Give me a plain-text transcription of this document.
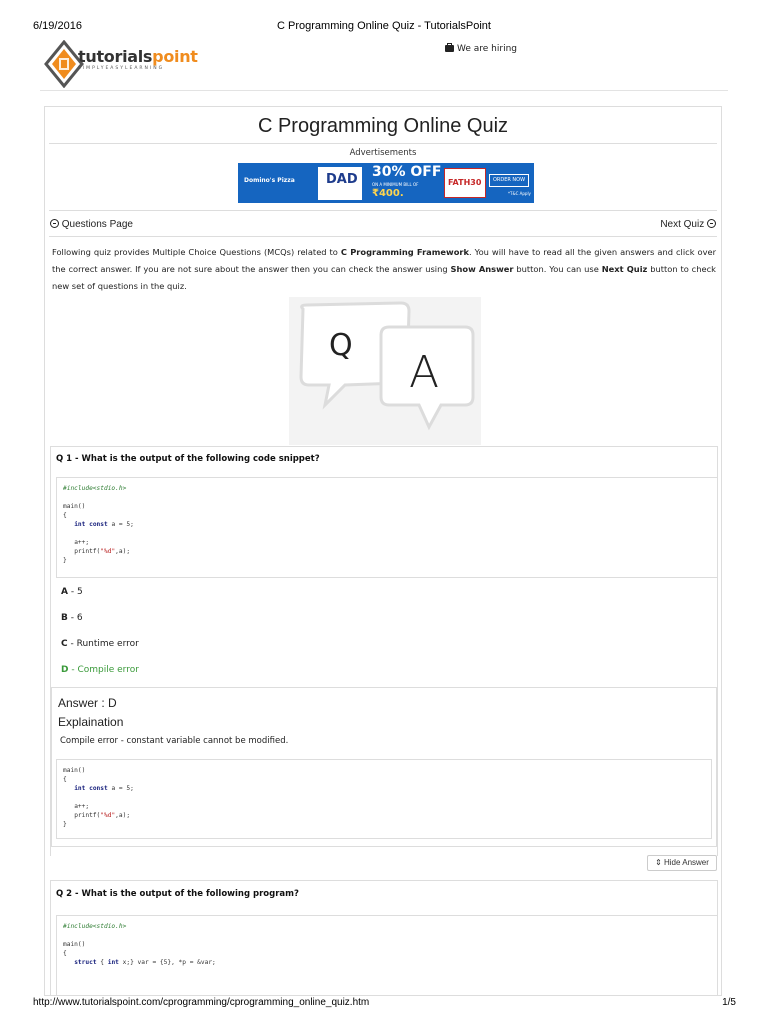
6/19/2016	C Programming Online Quiz - TutorialsPoint
tutorialspoint
SIMPLYEASYLEARNING
We are hiring
C Programming Online Quiz
Advertisements
Domino's Pizza DAD 30% OFF
ON A MINIMUM BILL OF
₹400.
FATH30	ORDER NOW
*T&C Apply
Questions Page	Next Quiz
Following quiz provides Multiple Choice Questions (MCQs) related to C Programming Framework. You will have to read all the given answers and click over the correct answer. If you are not sure about the answer then you can check the answer using Show Answer button. You can use Next Quiz button to check new set of questions in the quiz.
Q
A
Q 1 - What is the output of the following code snippet?
#include<stdio.h>

main()
{
int const a = 5;

a++;
printf("%d",a);
}
A - 5
B - 6
C - Runtime error
D - Compile error
Answer : D
Explaination
Compile error - constant variable cannot be modified.
main()
{
int const a = 5;

a++;
printf("%d",a);
}
⇕ Hide Answer
Q 2 - What is the output of the following program?
#include<stdio.h>

main()
{
struct { int x;} var = {5}, *p = &var;
http://www.tutorialspoint.com/cprogramming/cprogramming_online_quiz.htm	1/5
